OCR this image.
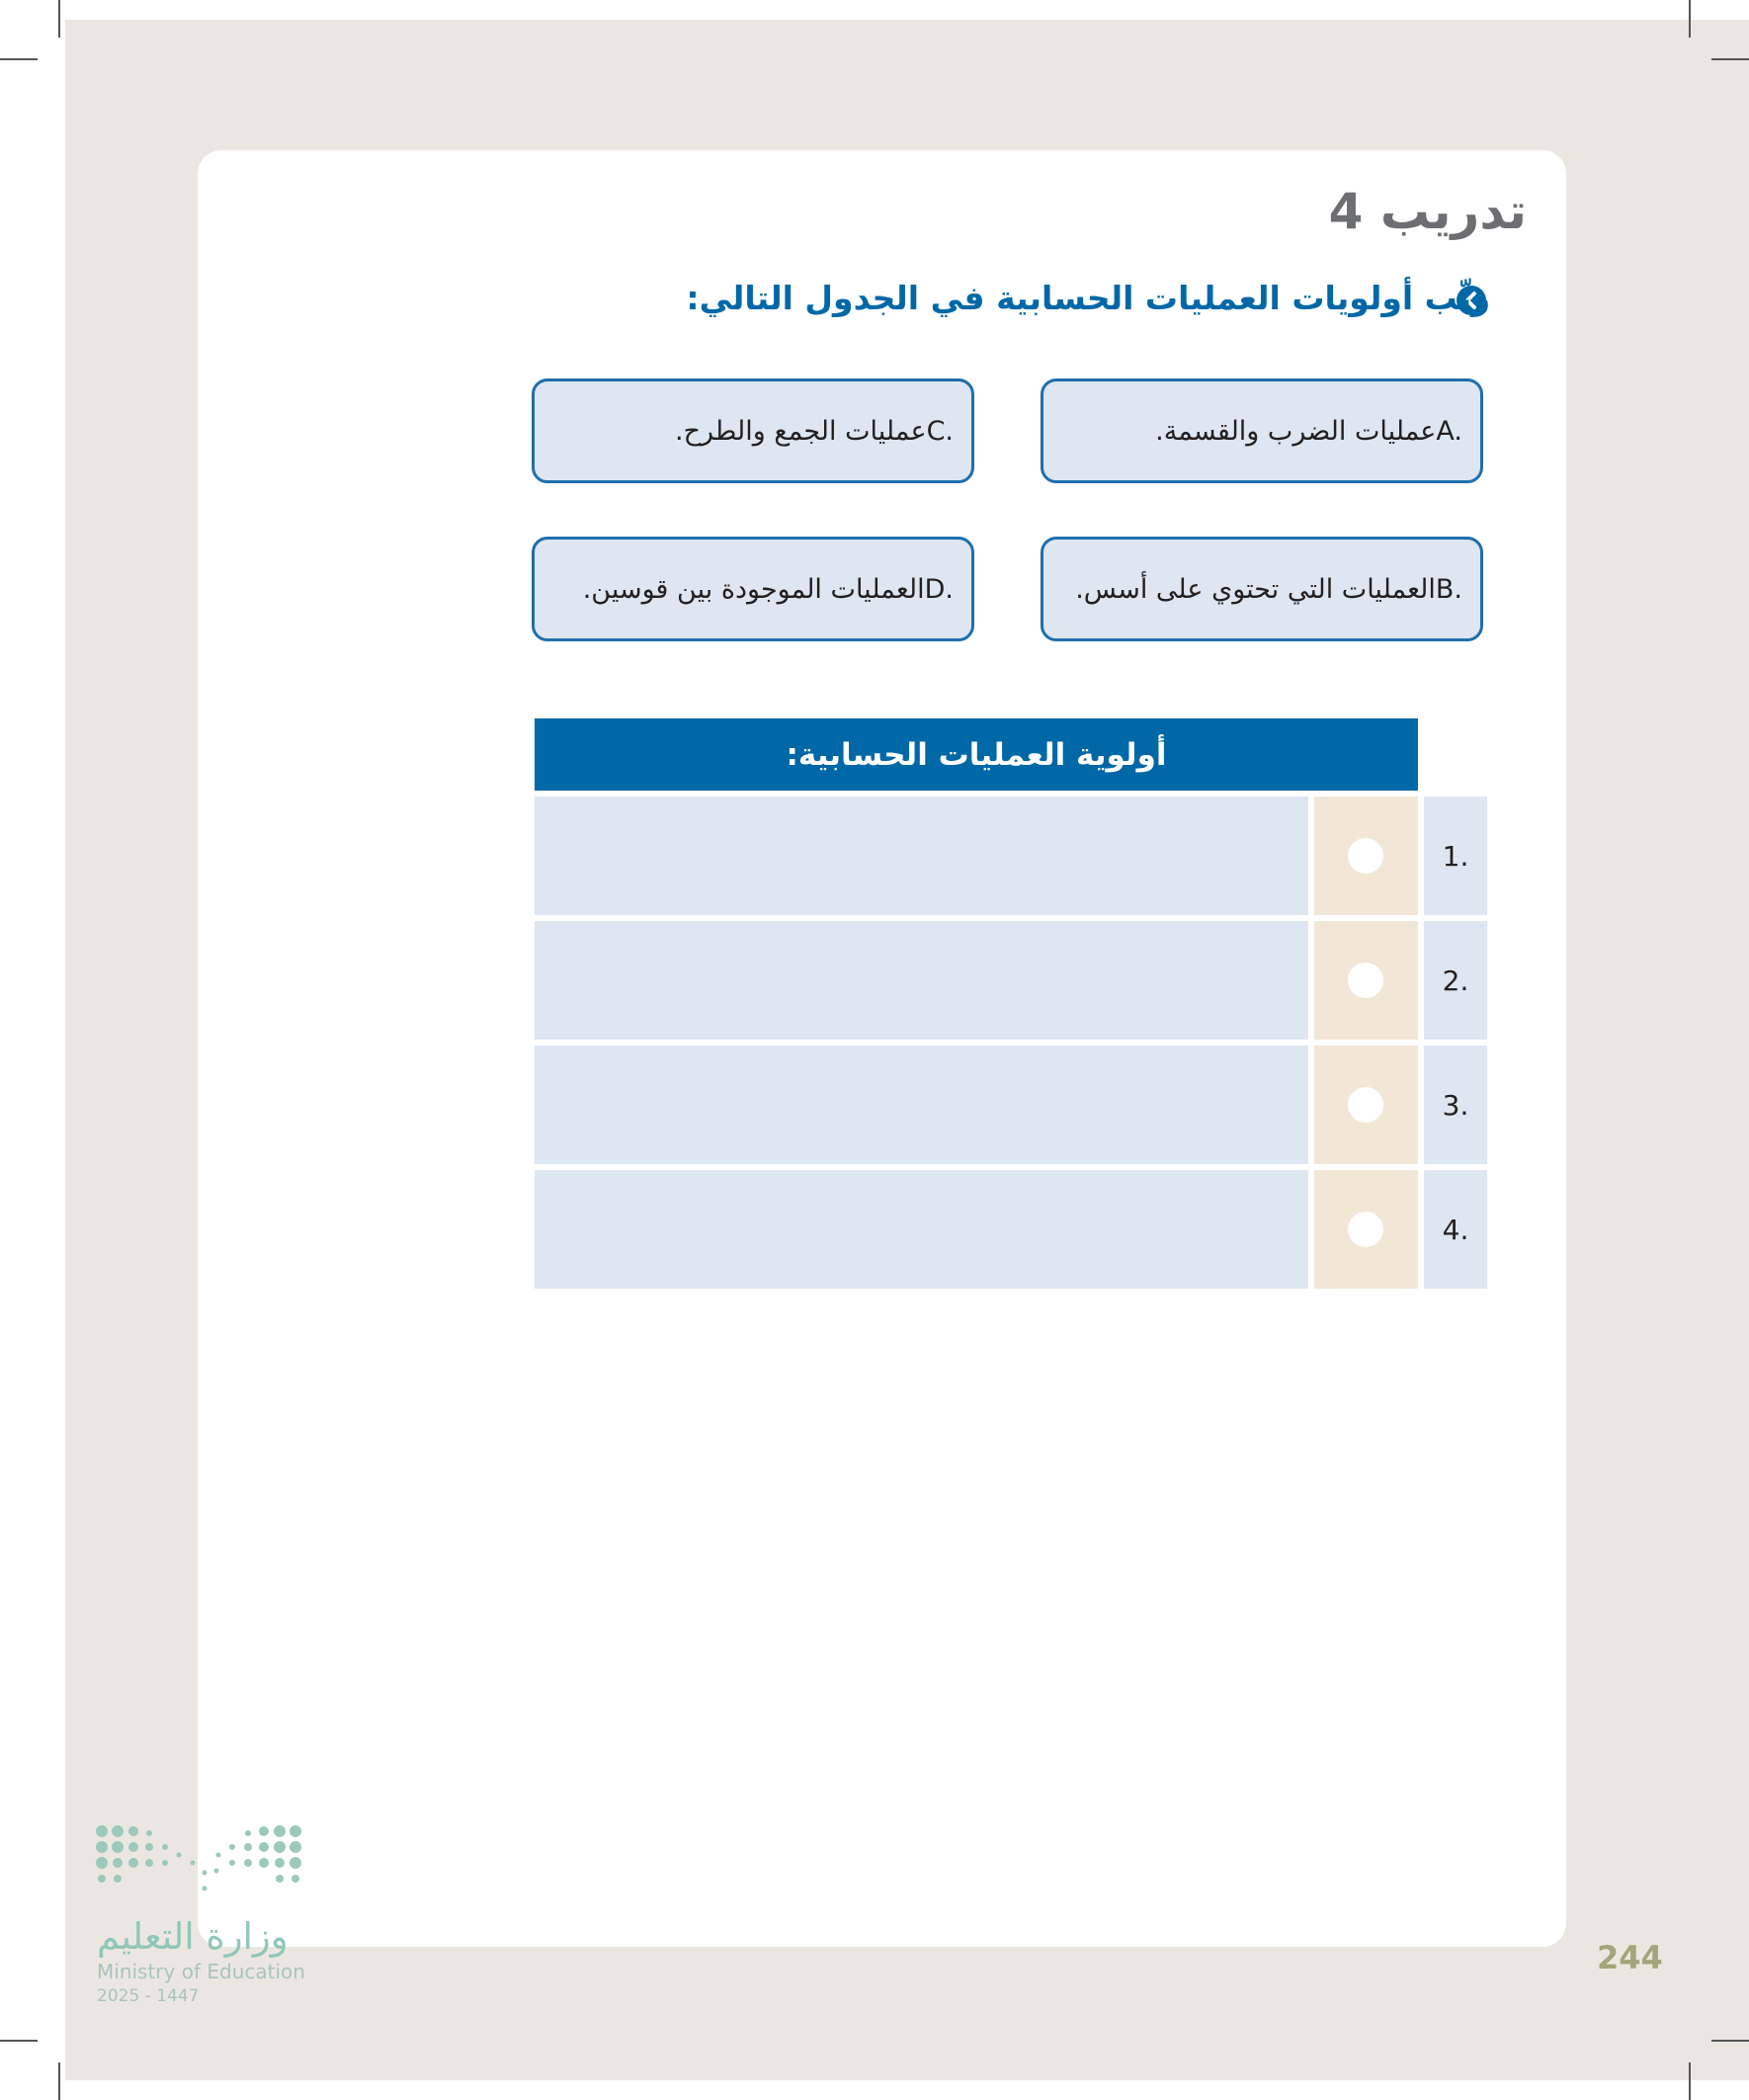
تدريب 4

رتِّب أولويات العمليات الحسابية في الجدول التالي:

A.
عمليات الضرب والقسمة.
C.
عمليات الجمع والطرح.
B.
العمليات التي تحتوي على أسس.
D.
العمليات الموجودة بين قوسين.
أولوية العمليات الحسابية:
1.
2.
3.
4.

وزارة التعليم

Ministry of Education

2025 - 1447

244
